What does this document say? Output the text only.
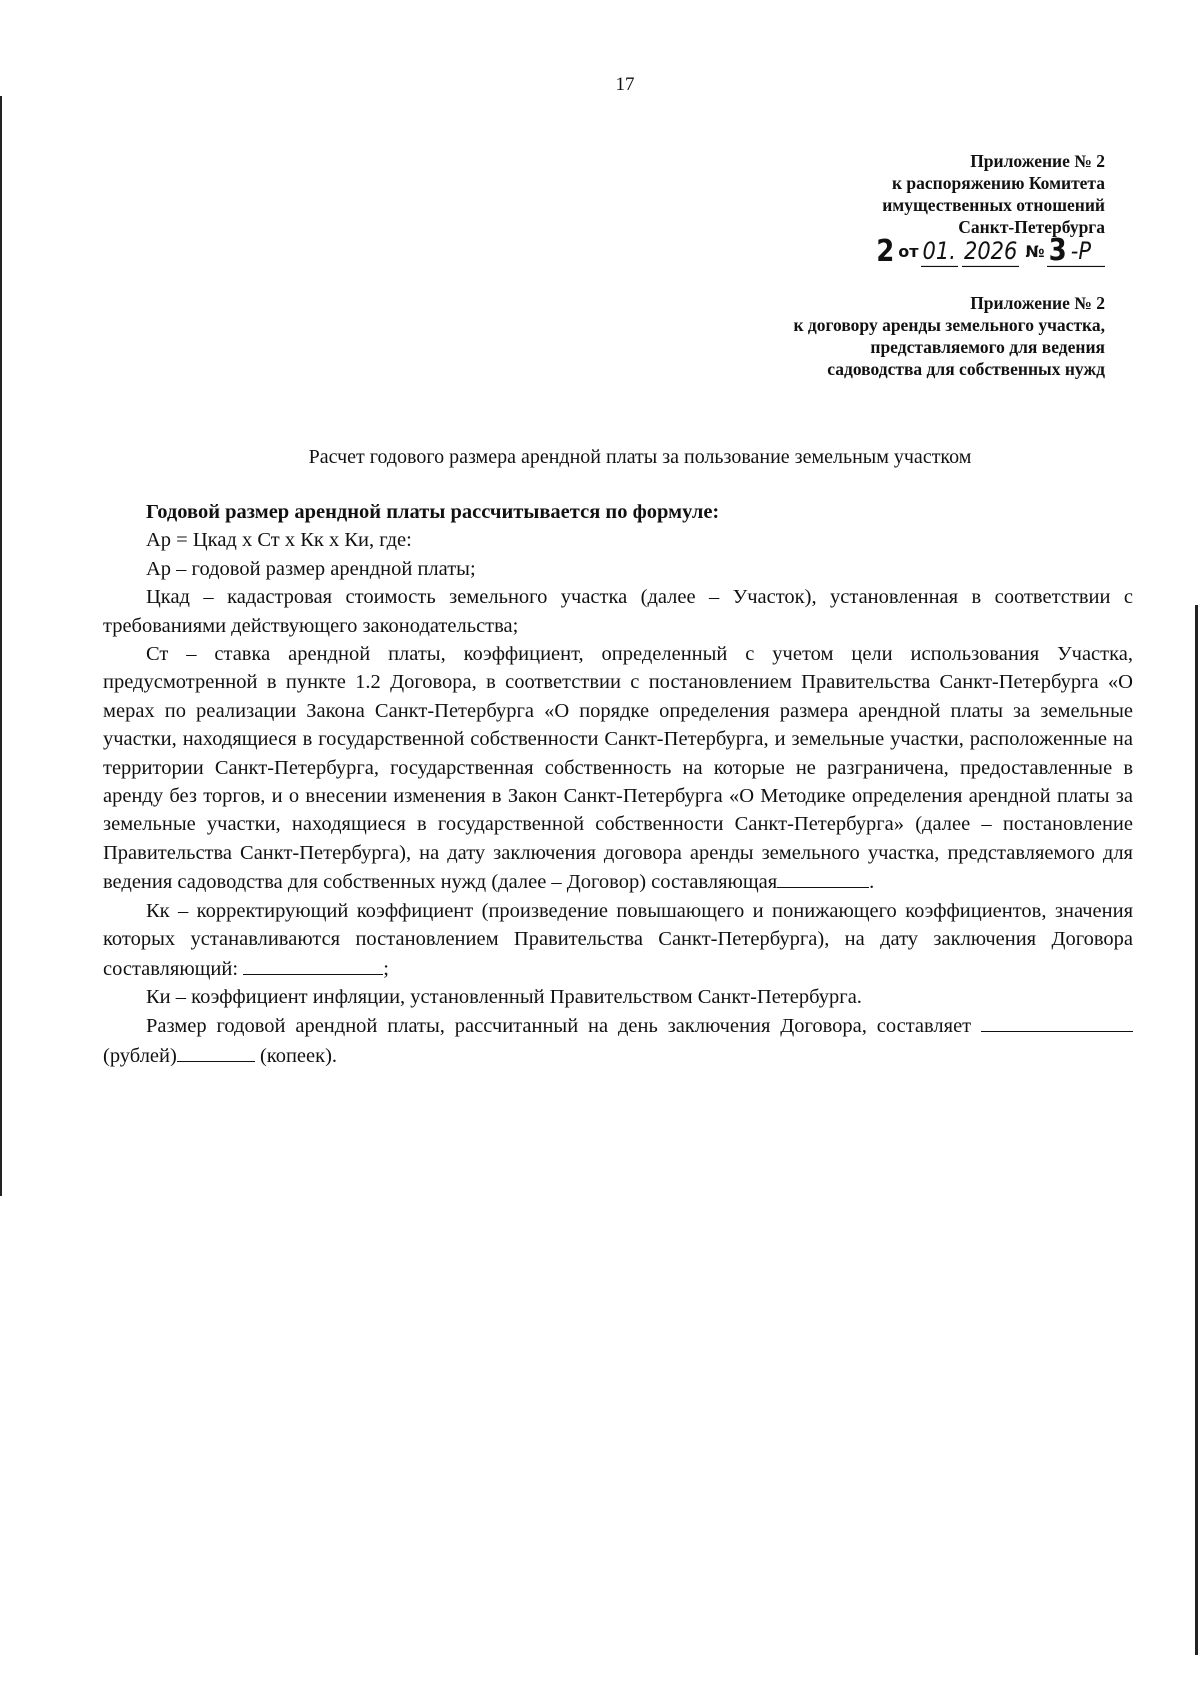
17
Приложение № 2
к распоряжению Комитета
имущественных отношений
Санкт-Петербурга
2 от 01. 2026 № 3 -Р
Приложение № 2
к договору аренды земельного участка,
представляемого для ведения
садоводства для собственных нужд
Расчет годового размера арендной платы за пользование земельным участком

Годовой размер арендной платы рассчитывается по формуле:

Ар = Цкад х Ст х Кк х Ки, где:

Ар – годовой размер арендной платы;

Цкад – кадастровая стоимость земельного участка (далее – Участок), установленная в соответствии с требованиями действующего законодательства;

Ст – ставка арендной платы, коэффициент, определенный с учетом цели использования Участка, предусмотренной в пункте 1.2 Договора, в соответствии с постановлением Правительства Санкт-Петербурга «О мерах по реализации Закона Санкт-Петербурга «О порядке определения размера арендной платы за земельные участки, находящиеся в государственной собственности Санкт-Петербурга, и земельные участки, расположенные на территории Санкт-Петербурга, государственная собственность на которые не разграничена, предоставленные в аренду без торгов, и о внесении изменения в Закон Санкт-Петербурга «О Методике определения арендной платы за земельные участки, находящиеся в государственной собственности Санкт-Петербурга» (далее – постановление Правительства Санкт-Петербурга), на дату заключения договора аренды земельного участка, представляемого для ведения садоводства для собственных нужд (далее – Договор) составляющая	.

Кк – корректирующий коэффициент (произведение повышающего и понижающего коэффициентов, значения которых устанавливаются постановлением Правительства Санкт-Петербурга), на дату заключения Договора составляющий:	;

Ки – коэффициент инфляции, установленный Правительством Санкт-Петербурга.

Размер годовой арендной платы, рассчитанный на день заключения Договора, составляет (рублей)	(копеек).
